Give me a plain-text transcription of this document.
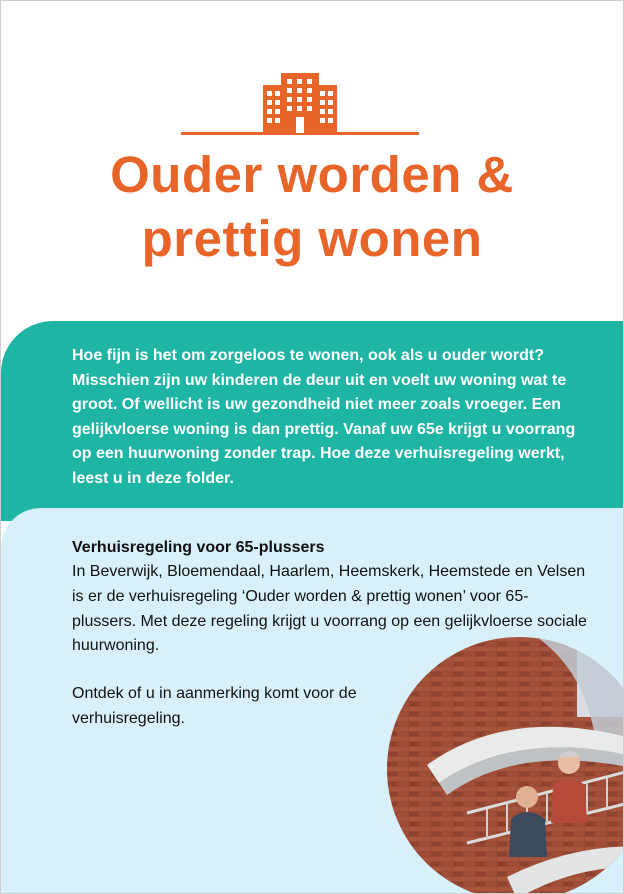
Ouder worden &
prettig wonen

Hoe fijn is het om zorgeloos te wonen, ook als u ouder wordt? Misschien zijn uw kinderen de deur uit en voelt uw woning wat te groot. Of wellicht is uw gezondheid niet meer zoals vroeger. Een gelijkvloerse woning is dan prettig. Vanaf uw 65e krijgt u voorrang op een huurwoning zonder trap. Hoe deze verhuisregeling werkt, leest u in deze folder.

Verhuisregeling voor 65-plussers

In Beverwijk, Bloemendaal, Haarlem, Heemskerk, Heemstede en Velsen is er de verhuisregeling ‘Ouder worden & prettig wonen’ voor 65-plussers. Met deze regeling krijgt u voorrang op een gelijkvloerse sociale huurwoning.

Ontdek of u in aanmerking komt voor de verhuisregeling.
